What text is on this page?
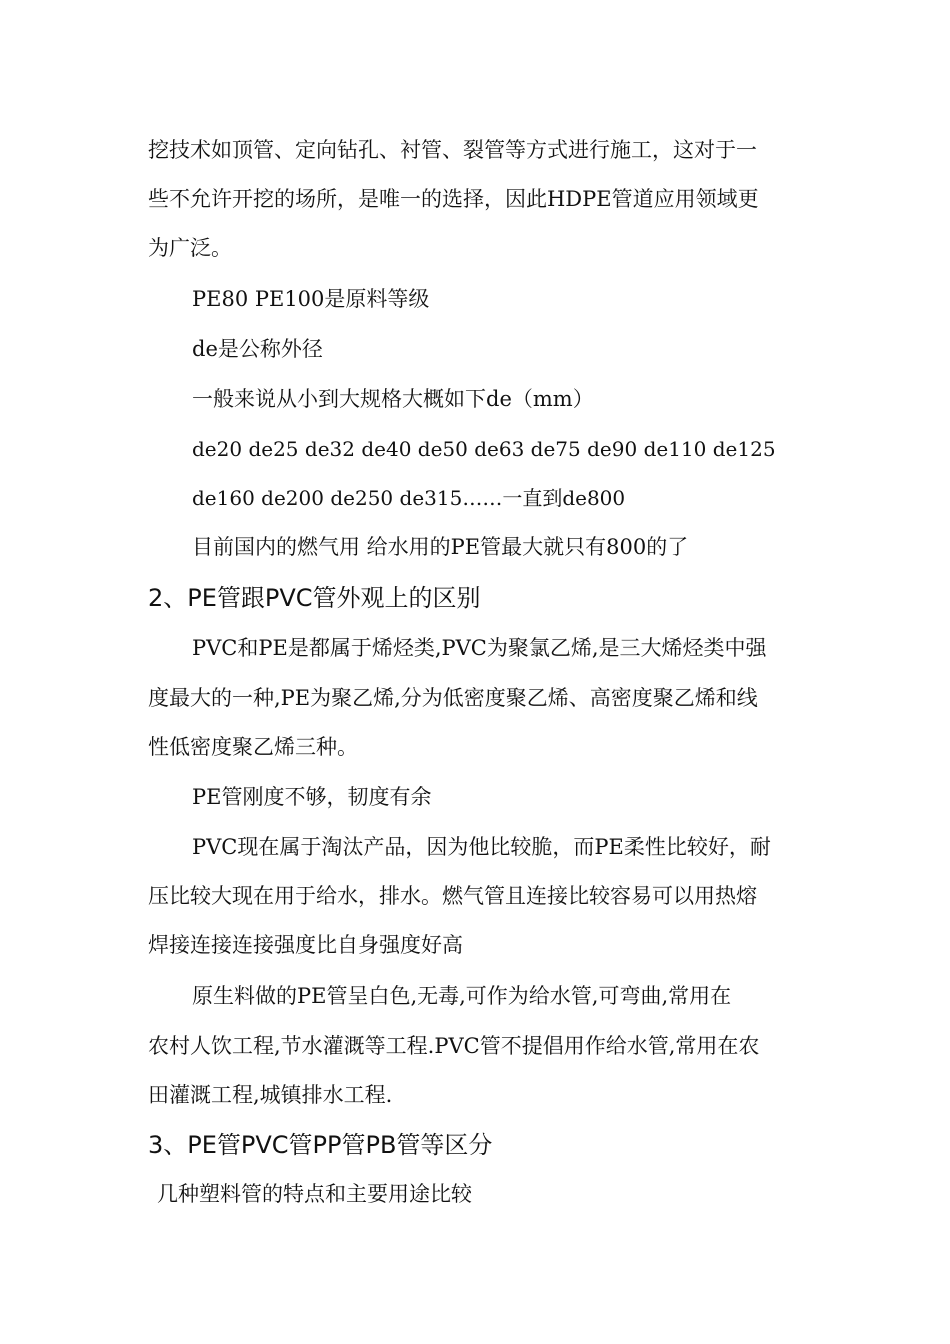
挖技术如顶管、定向钻孔、衬管、裂管等方式进行施工，这对于一
些不允许开挖的场所，是唯一的选择，因此HDPE管道应用领域更
为广泛。
PE80 PE100是原料等级
de是公称外径
一般来说从小到大规格大概如下de（mm）
de20 de25 de32 de40 de50 de63 de75 de90 de110 de125
de160 de200 de250 de315……一直到de800
目前国内的燃气用 给水用的PE管最大就只有800的了
2、PE管跟PVC管外观上的区别
PVC和PE是都属于烯烃类,PVC为聚氯乙烯,是三大烯烃类中强
度最大的一种,PE为聚乙烯,分为低密度聚乙烯、高密度聚乙烯和线
性低密度聚乙烯三种。
PE管刚度不够，韧度有余
PVC现在属于淘汰产品，因为他比较脆，而PE柔性比较好，耐
压比较大现在用于给水，排水。燃气管且连接比较容易可以用热熔
焊接连接连接强度比自身强度好高
原生料做的PE管呈白色,无毒,可作为给水管,可弯曲,常用在
农村人饮工程,节水灌溉等工程.PVC管不提倡用作给水管,常用在农
田灌溉工程,城镇排水工程.
3、PE管PVC管PP管PB管等区分
几种塑料管的特点和主要用途比较
